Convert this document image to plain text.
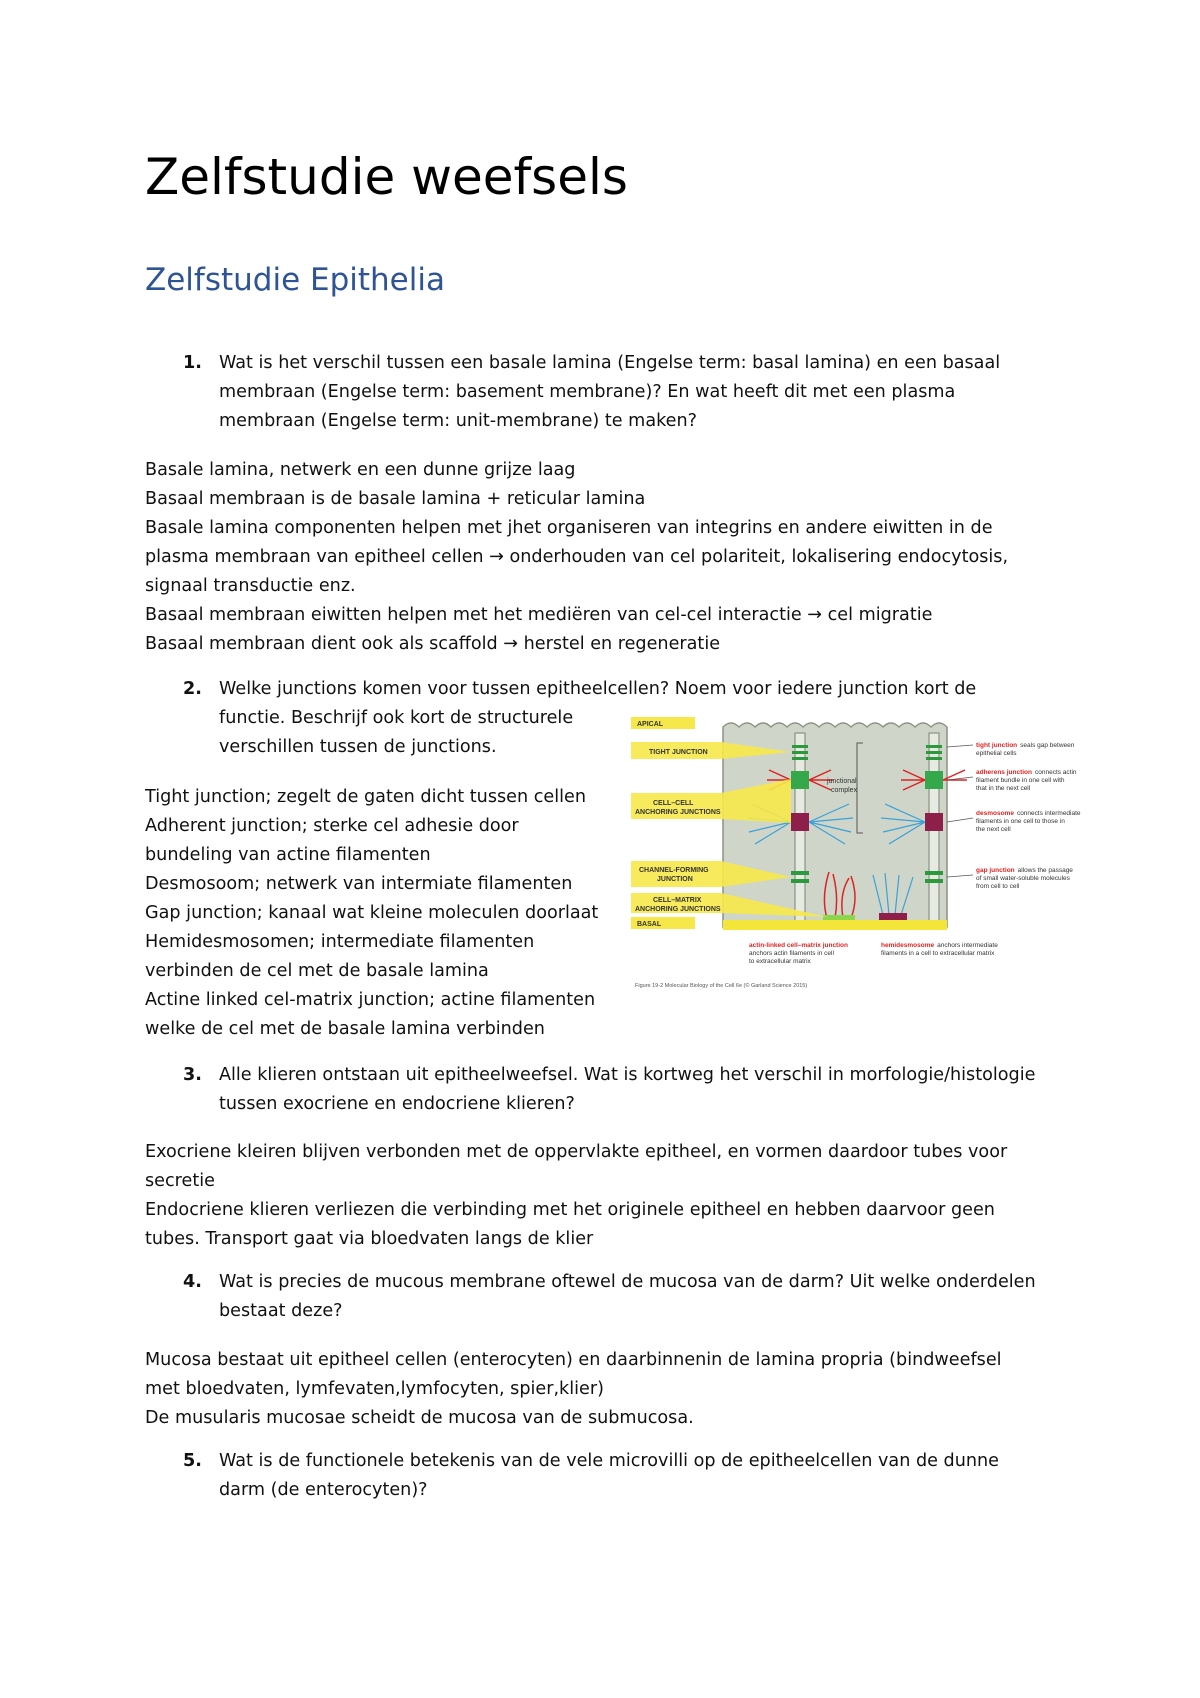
Zelfstudie weefsels
Zelfstudie Epithelia
1. Wat is het verschil tussen een basale lamina (Engelse term: basal lamina) en een basaal
membraan (Engelse term: basement membrane)? En wat heeft dit met een plasma
membraan (Engelse term: unit-membrane) te maken?
Basale lamina, netwerk en een dunne grijze laag
Basaal membraan is de basale lamina + reticular lamina
Basale lamina componenten helpen met jhet organiseren van integrins en andere eiwitten in de
plasma membraan van epitheel cellen → onderhouden van cel polariteit, lokalisering endocytosis,
signaal transductie enz.
Basaal membraan eiwitten helpen met het mediëren van cel-cel interactie → cel migratie
Basaal membraan dient ook als scaffold → herstel en regeneratie
2. Welke junctions komen voor tussen epitheelcellen? Noem voor iedere junction kort de
functie. Beschrijf ook kort de structurele
verschillen tussen de junctions.
Tight junction; zegelt de gaten dicht tussen cellen
Adherent junction; sterke cel adhesie door
bundeling van actine filamenten
Desmosoom; netwerk van intermiate filamenten
Gap junction; kanaal wat kleine moleculen doorlaat
Hemidesmosomen; intermediate filamenten
verbinden de cel met de basale lamina
Actine linked cel-matrix junction; actine filamenten
welke de cel met de basale lamina verbinden
junctional
complex
APICAL
TIGHT JUNCTION
CELL–CELL
ANCHORING JUNCTIONS
CHANNEL-FORMING
JUNCTION
CELL–MATRIX
ANCHORING JUNCTIONS
BASAL
tight junction seals gap between
epithelial cells
adherens junction connects actin
filament bundle in one cell with
that in the next cell
desmosome connects intermediate
filaments in one cell to those in
the next cell
gap junction allows the passage
of small water-soluble molecules
from cell to cell
actin-linked cell–matrix junction
anchors actin filaments in cell
to extracellular matrix
hemidesmosome anchors intermediate
filaments in a cell to extracellular matrix
Figure 19-2 Molecular Biology of the Cell 6e (© Garland Science 2015)
3. Alle klieren ontstaan uit epitheelweefsel. Wat is kortweg het verschil in morfologie/histologie
tussen exocriene en endocriene klieren?
Exocriene kleiren blijven verbonden met de oppervlakte epitheel, en vormen daardoor tubes voor
secretie
Endocriene klieren verliezen die verbinding met het originele epitheel en hebben daarvoor geen
tubes. Transport gaat via bloedvaten langs de klier
4. Wat is precies de mucous membrane oftewel de mucosa van de darm? Uit welke onderdelen
bestaat deze?
Mucosa bestaat uit epitheel cellen (enterocyten) en daarbinnenin de lamina propria (bindweefsel
met bloedvaten, lymfevaten,lymfocyten, spier,klier)
De musularis mucosae scheidt de mucosa van de submucosa.
5. Wat is de functionele betekenis van de vele microvilli op de epitheelcellen van de dunne
darm (de enterocyten)?
